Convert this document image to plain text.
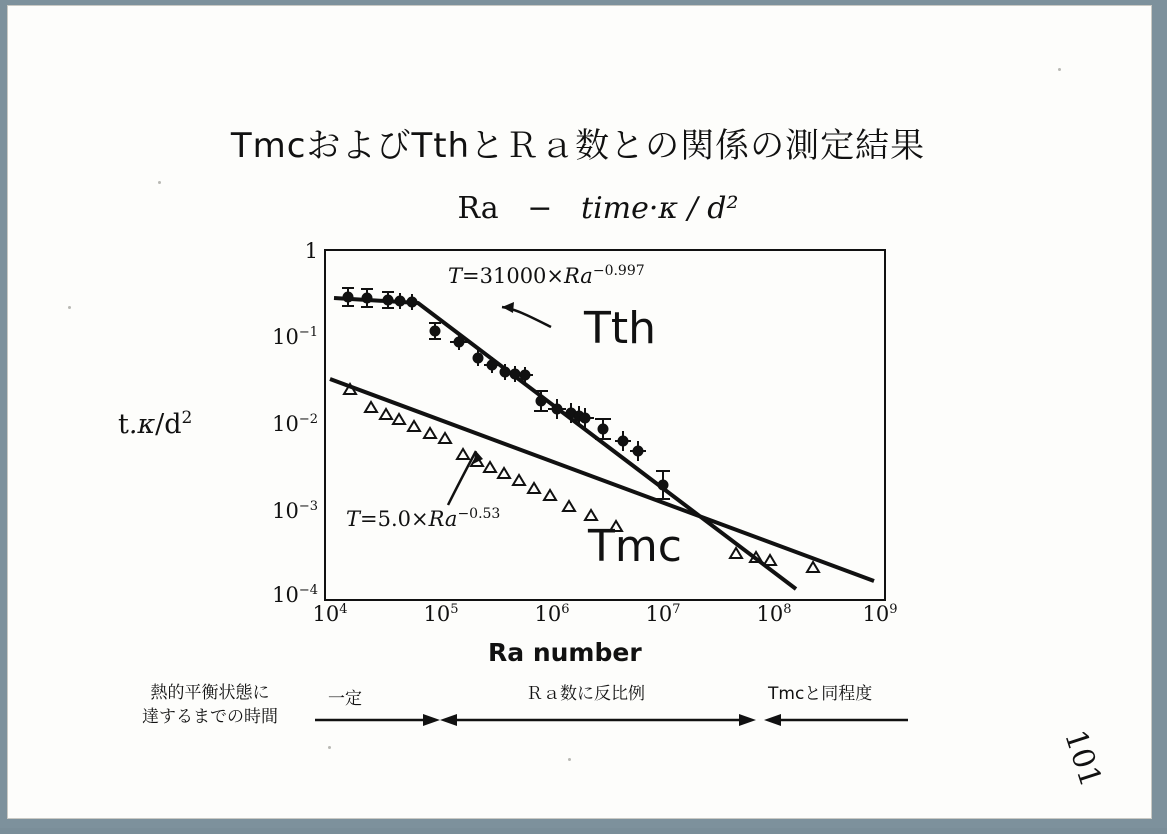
TmcおよびTthとＲａ数との関係の測定結果
Ra − time·κ / d²
$T=31000\times Ra^{-0.997}$
$T=5.0\times Ra^{-0.53}$
Tth
Tmc
1
$10^{-1}$
$10^{-2}$
$10^{-3}$
$10^{-4}$
$10^4$	$10^5$	$10^6$	$10^7$	$10^8$	$10^9$
$t.\kappa/d^2$
Ra number
熱的平衡状態に
達するまでの時間
一定	Ｒａ数に反比例	Tmcと同程度
101
